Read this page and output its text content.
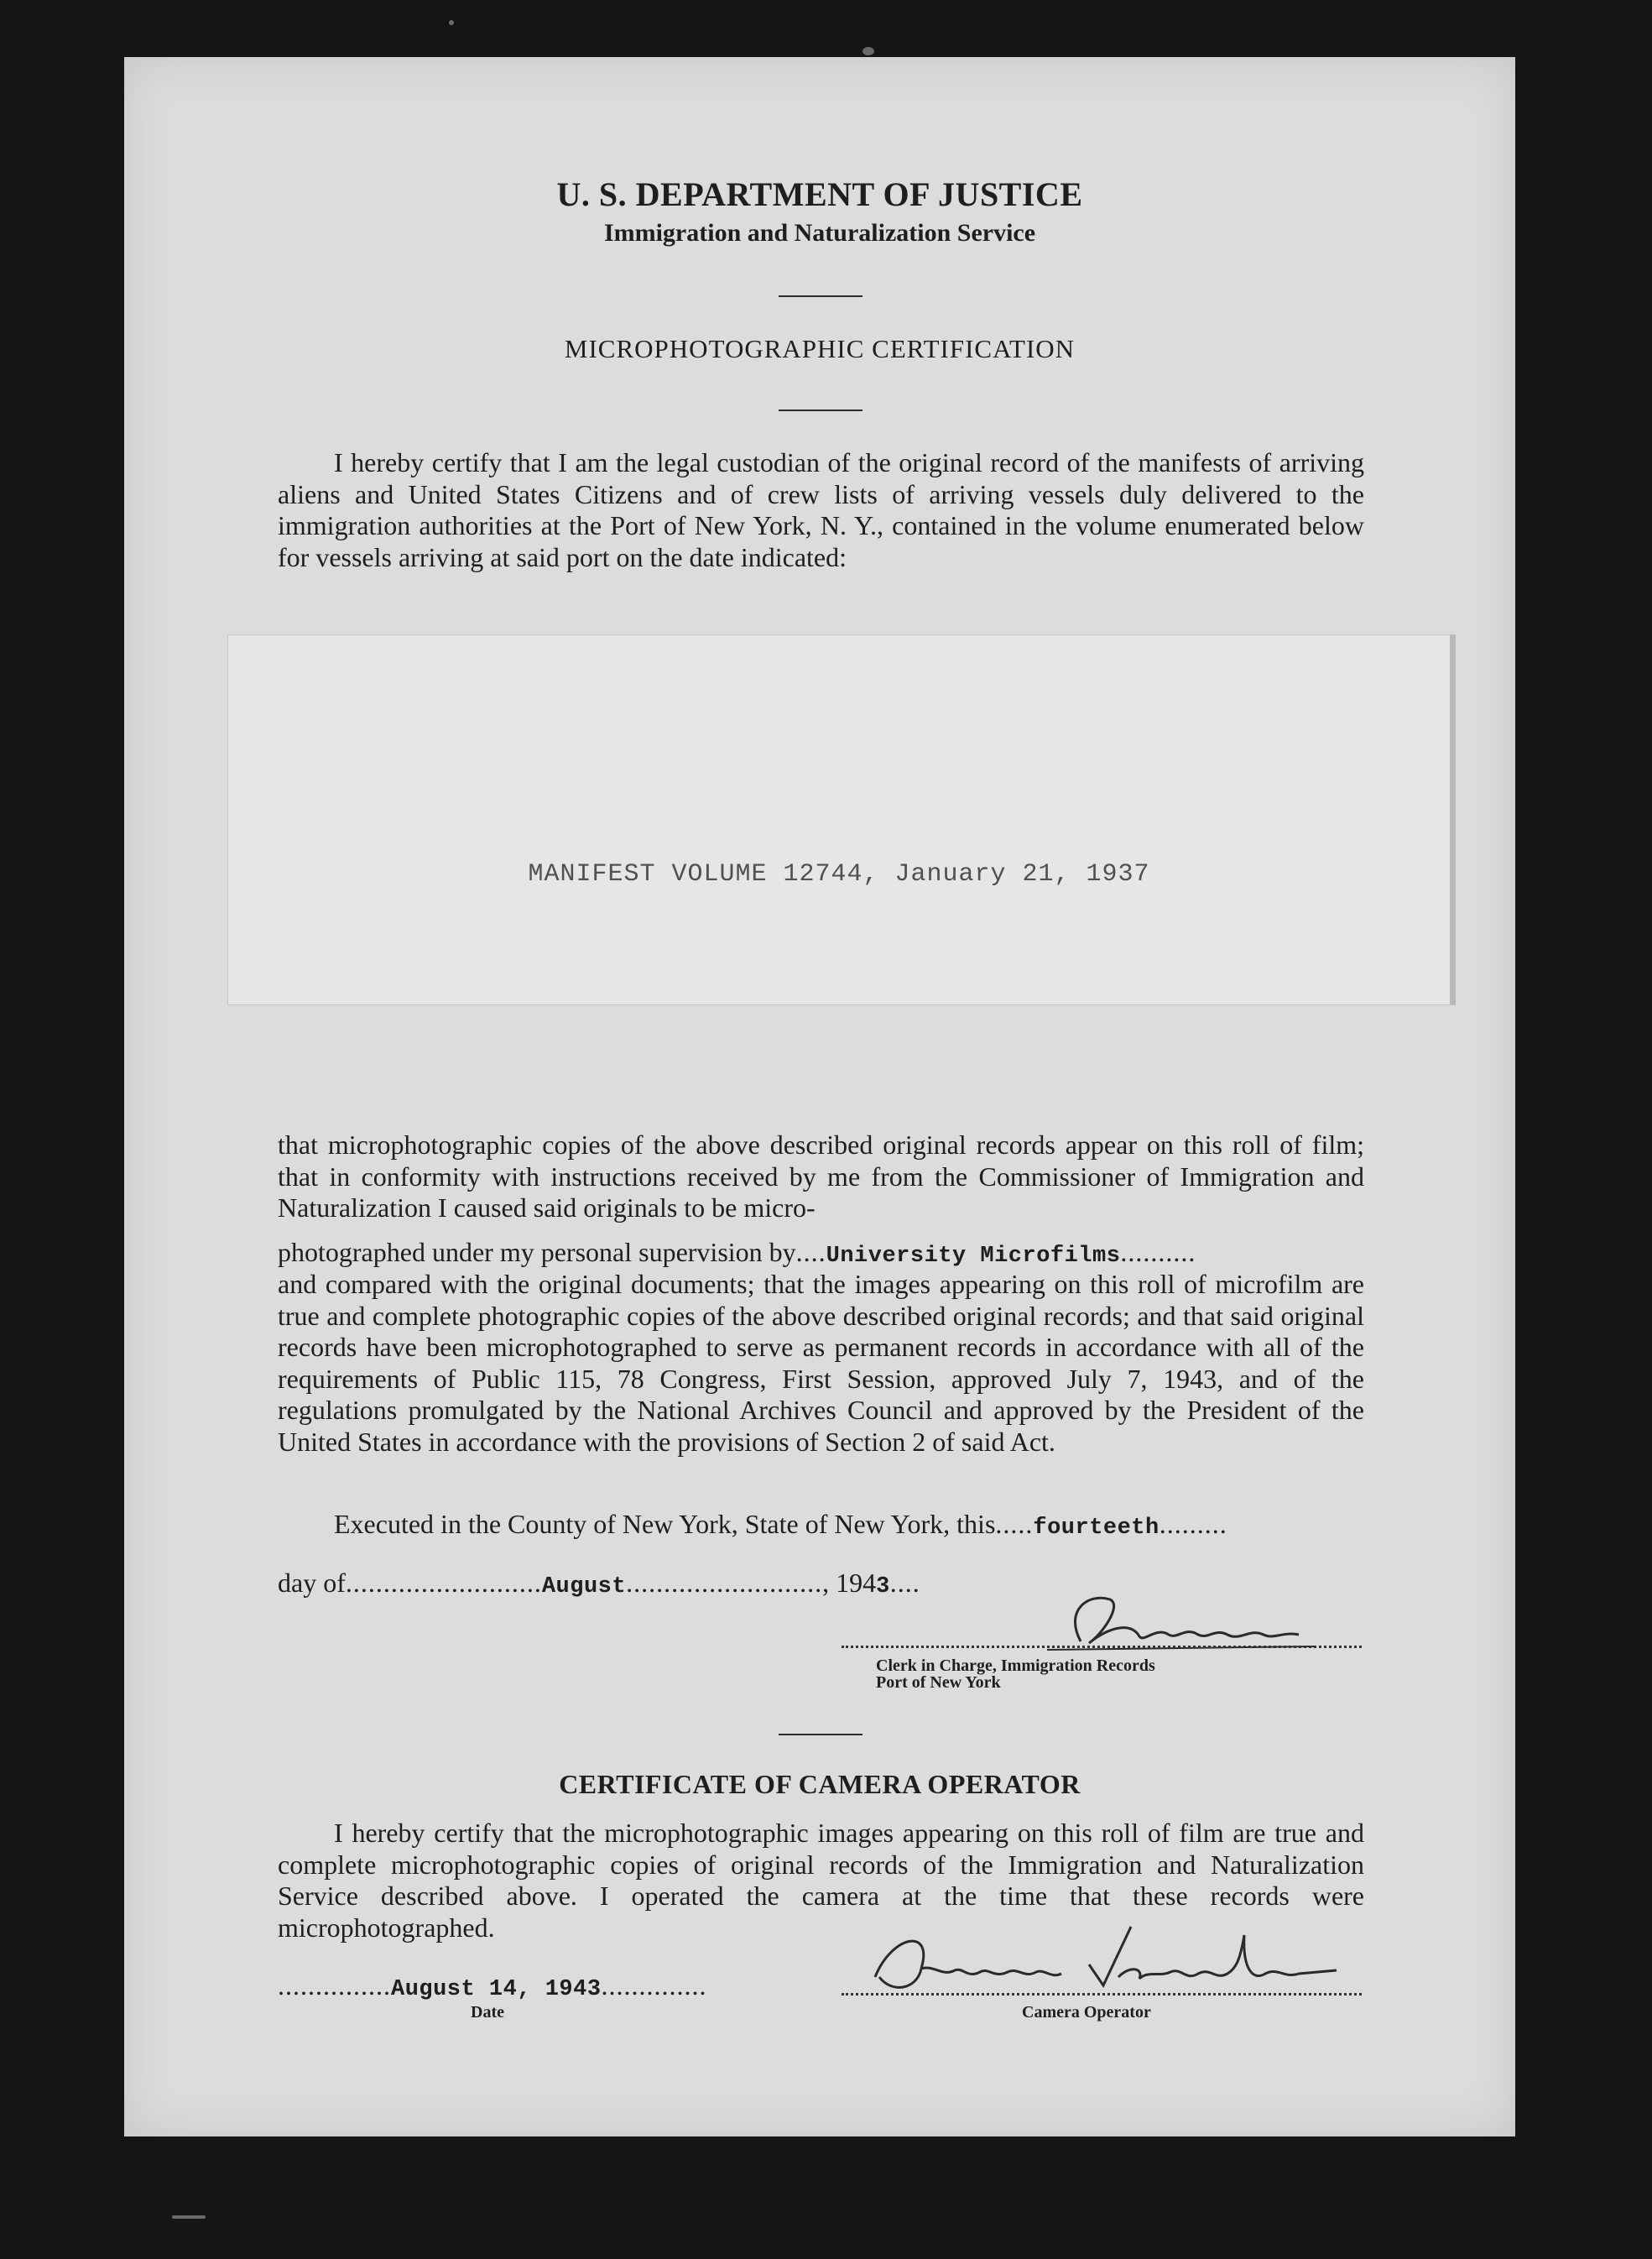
U. S. DEPARTMENT OF JUSTICE
Immigration and Naturalization Service
MICROPHOTOGRAPHIC CERTIFICATION
I hereby certify that I am the legal custodian of the original record of the manifests of arriving aliens and United States Citizens and of crew lists of arriving vessels duly delivered to the immigration authorities at the Port of New York, N. Y., contained in the volume enumerated below for vessels arriving at said port on the date indicated:
MANIFEST VOLUME 12744, January 21, 1937
that microphotographic copies of the above described original records appear on this roll of film; that in conformity with instructions received by me from the Commissioner of Immigration and Naturalization I caused said originals to be micro-
photographed under my personal supervision by....University Microfilms..........
and compared with the original documents; that the images appearing on this roll of microfilm are true and complete photographic copies of the above described original records; and that said original records have been microphotographed to serve as permanent records in accordance with all of the requirements of Public 115, 78 Congress, First Session, approved July 7, 1943, and of the regulations promulgated by the National Archives Council and approved by the President of the United States in accordance with the provisions of Section 2 of said Act.
Executed in the County of New York, State of New York, this.....fourteeth.........
day of..........................August.........................., 1943....
Clerk in Charge, Immigration Records
Port of New York
CERTIFICATE OF CAMERA OPERATOR
I hereby certify that the microphotographic images appearing on this roll of film are true and complete microphotographic copies of original records of the Immigration and Naturalization Service described above. I operated the camera at the time that these records were microphotographed.
...............August 14, 1943..............
Date	Camera Operator
